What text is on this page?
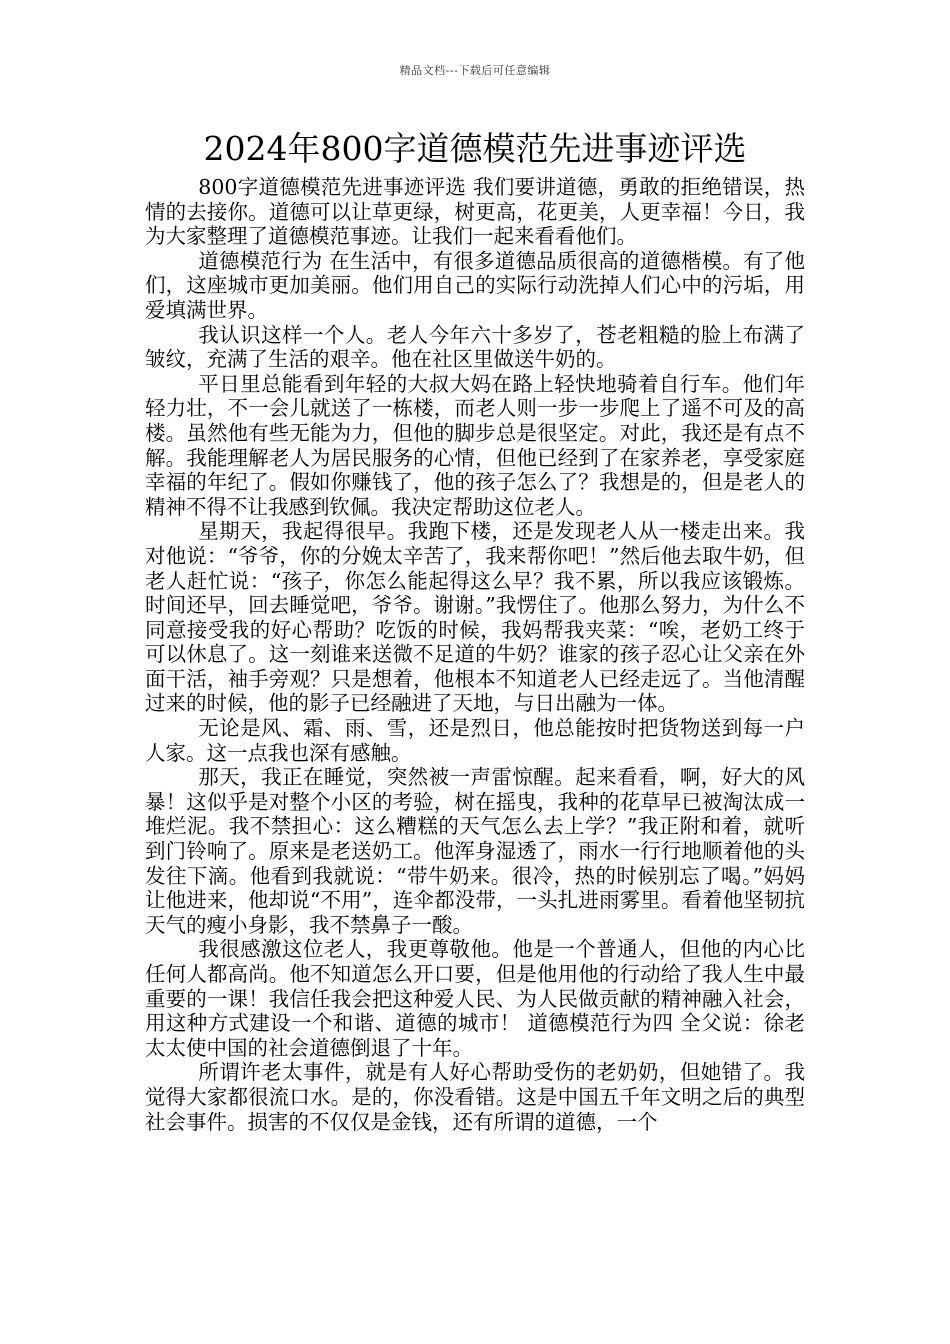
精品文档---下载后可任意编辑
2024年800字道德模范先进事迹评选

800字道德模范先进事迹评选 我们要讲道德，勇敢的拒绝错误，热情的去接你。道德可以让草更绿，树更高，花更美，人更幸福！今日，我为大家整理了道德模范事迹。让我们一起来看看他们。

道德模范行为 在生活中，有很多道德品质很高的道德楷模。有了他们，这座城市更加美丽。他们用自己的实际行动洗掉人们心中的污垢，用爱填满世界。

我认识这样一个人。老人今年六十多岁了，苍老粗糙的脸上布满了皱纹，充满了生活的艰辛。他在社区里做送牛奶的。

平日里总能看到年轻的大叔大妈在路上轻快地骑着自行车。他们年轻力壮，不一会儿就送了一栋楼，而老人则一步一步爬上了遥不可及的高楼。虽然他有些无能为力，但他的脚步总是很坚定。对此，我还是有点不解。我能理解老人为居民服务的心情，但他已经到了在家养老，享受家庭幸福的年纪了。假如你赚钱了，他的孩子怎么了？我想是的，但是老人的精神不得不让我感到钦佩。我决定帮助这位老人。

星期天，我起得很早。我跑下楼，还是发现老人从一楼走出来。我对他说：“爷爷，你的分娩太辛苦了，我来帮你吧！”然后他去取牛奶，但老人赶忙说：“孩子，你怎么能起得这么早？我不累，所以我应该锻炼。时间还早，回去睡觉吧，爷爷。谢谢。”我愣住了。他那么努力，为什么不同意接受我的好心帮助？吃饭的时候，我妈帮我夹菜：“唉，老奶工终于可以休息了。这一刻谁来送微不足道的牛奶？谁家的孩子忍心让父亲在外面干活，袖手旁观？只是想着，他根本不知道老人已经走远了。当他清醒过来的时候，他的影子已经融进了天地，与日出融为一体。

无论是风、霜、雨、雪，还是烈日，他总能按时把货物送到每一户人家。这一点我也深有感触。

那天，我正在睡觉，突然被一声雷惊醒。起来看看，啊，好大的风暴！这似乎是对整个小区的考验，树在摇曳，我种的花草早已被淘汰成一堆烂泥。我不禁担心：这么糟糕的天气怎么去上学？”我正附和着，就听到门铃响了。原来是老送奶工。他浑身湿透了，雨水一行行地顺着他的头发往下滴。他看到我就说：“带牛奶来。很冷，热的时候别忘了喝。”妈妈让他进来，他却说“不用”，连伞都没带，一头扎进雨雾里。看着他坚韧抗天气的瘦小身影，我不禁鼻子一酸。

我很感激这位老人，我更尊敬他。他是一个普通人，但他的内心比任何人都高尚。他不知道怎么开口要，但是他用他的行动给了我人生中最重要的一课！我信任我会把这种爱人民、为人民做贡献的精神融入社会，用这种方式建设一个和谐、道德的城市！ 道德模范行为四 全父说：徐老太太使中国的社会道德倒退了十年。

所谓许老太事件，就是有人好心帮助受伤的老奶奶，但她错了。我觉得大家都很流口水。是的，你没看错。这是中国五千年文明之后的典型社会事件。损害的不仅仅是金钱，还有所谓的道德，一个
